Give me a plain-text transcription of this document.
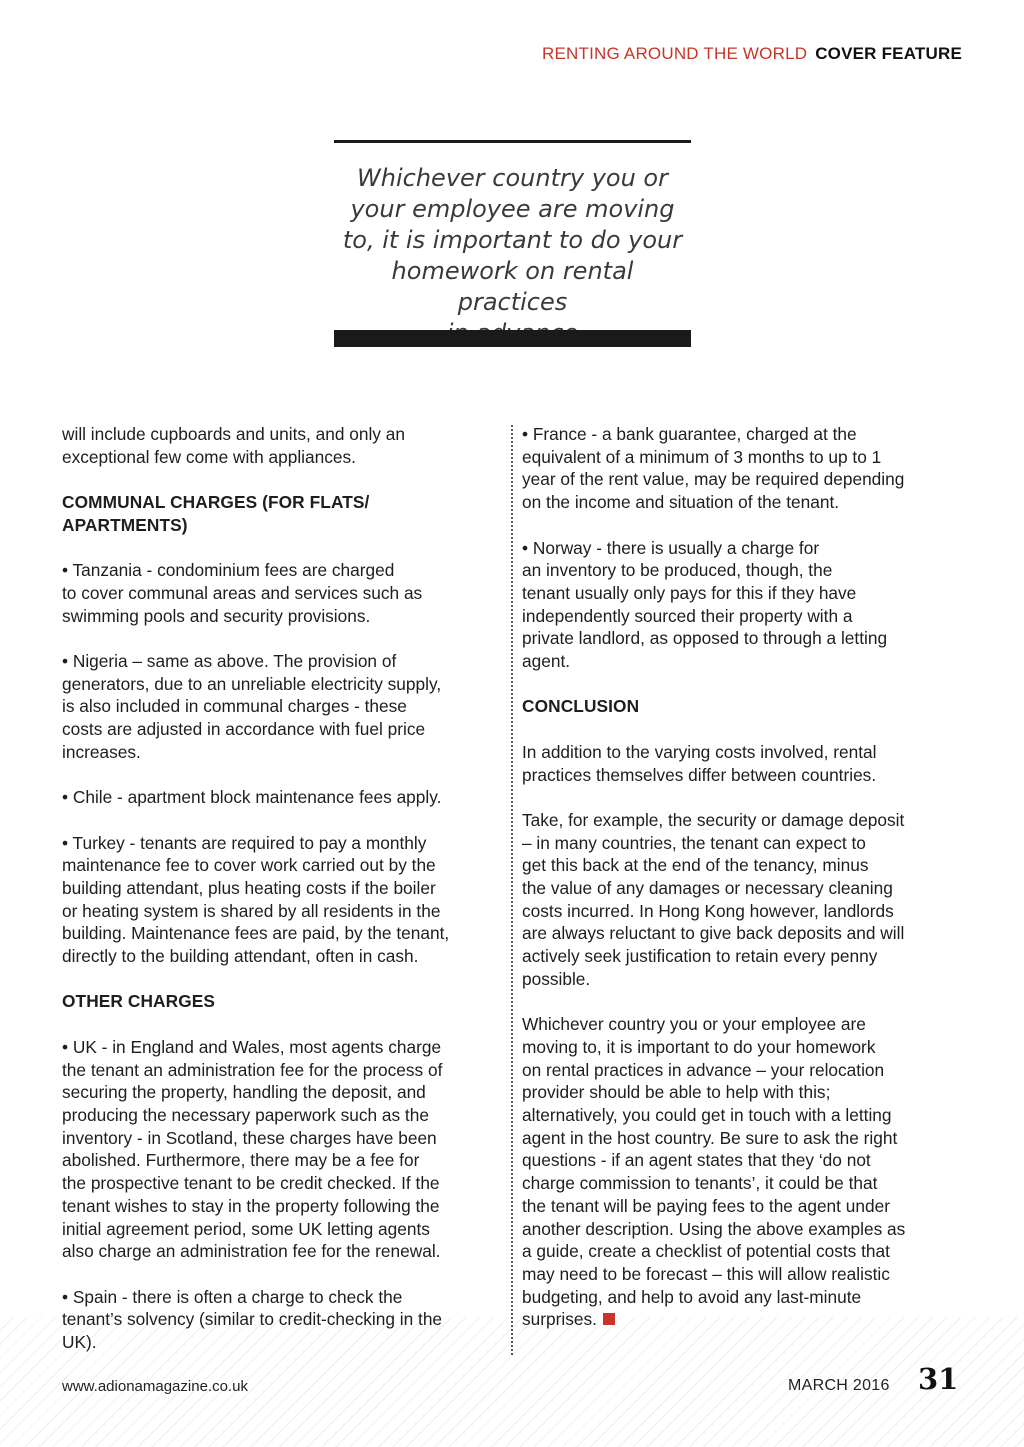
RENTING AROUND THE WORLD COVER FEATURE
Whichever country you or
your employee are moving
to, it is important to do your
homework on rental practices
will include cupboards and units, and only an
exceptional few come with appliances.
COMMUNAL CHARGES (FOR FLATS/
APARTMENTS)
• Tanzania - condominium fees are charged
to cover communal areas and services such as
swimming pools and security provisions.
• Nigeria – same as above. The provision of
generators, due to an unreliable electricity supply,
is also included in communal charges - these
costs are adjusted in accordance with fuel price
increases.
• Chile - apartment block maintenance fees apply.
• Turkey - tenants are required to pay a monthly
maintenance fee to cover work carried out by the
building attendant, plus heating costs if the boiler
or heating system is shared by all residents in the
building. Maintenance fees are paid, by the tenant,
directly to the building attendant, often in cash.
OTHER CHARGES
• UK - in England and Wales, most agents charge
the tenant an administration fee for the process of
securing the property, handling the deposit, and
producing the necessary paperwork such as the
inventory - in Scotland, these charges have been
abolished. Furthermore, there may be a fee for
the prospective tenant to be credit checked. If the
tenant wishes to stay in the property following the
initial agreement period, some UK letting agents
also charge an administration fee for the renewal.
• Spain - there is often a charge to check the
tenant’s solvency (similar to credit-checking in the
UK).
• France - a bank guarantee, charged at the
equivalent of a minimum of 3 months to up to 1
year of the rent value, may be required depending
on the income and situation of the tenant.
• Norway - there is usually a charge for
an inventory to be produced, though, the
tenant usually only pays for this if they have
independently sourced their property with a
private landlord, as opposed to through a letting
agent.
CONCLUSION
In addition to the varying costs involved, rental
practices themselves differ between countries.
Take, for example, the security or damage deposit
– in many countries, the tenant can expect to
get this back at the end of the tenancy, minus
the value of any damages or necessary cleaning
costs incurred. In Hong Kong however, landlords
are always reluctant to give back deposits and will
actively seek justification to retain every penny
possible.
Whichever country you or your employee are
moving to, it is important to do your homework
on rental practices in advance – your relocation
provider should be able to help with this;
alternatively, you could get in touch with a letting
agent in the host country. Be sure to ask the right
questions - if an agent states that they ‘do not
charge commission to tenants’, it could be that
the tenant will be paying fees to the agent under
another description. Using the above examples as
a guide, create a checklist of potential costs that
may need to be forecast – this will allow realistic
budgeting, and help to avoid any last-minute
surprises.
www.adionamagazine.co.uk	MARCH 2016 31
